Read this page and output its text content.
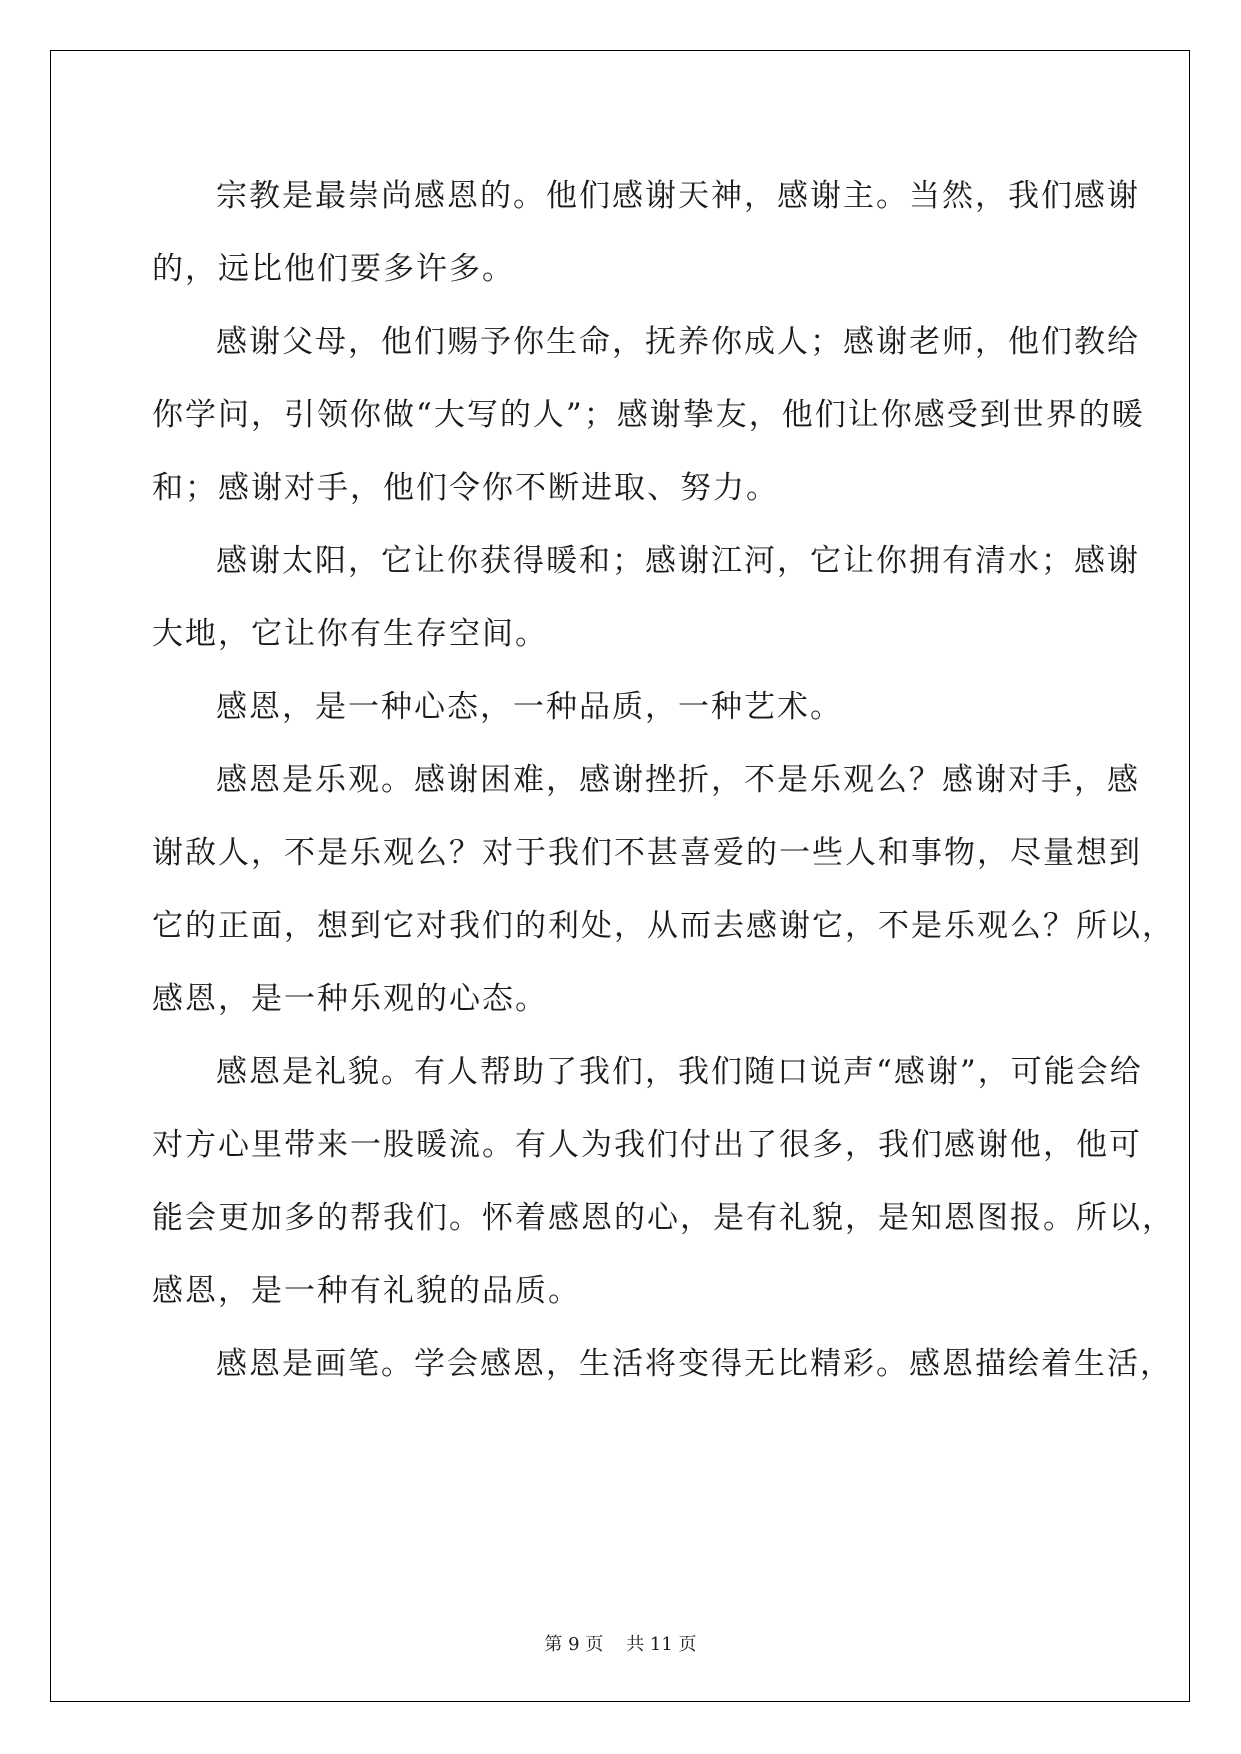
宗教是最崇尚感恩的。他们感谢天神，感谢主。当然，我们感谢
的，远比他们要多许多。
感谢父母，他们赐予你生命，抚养你成人；感谢老师，他们教给
你学问，引领你做“大写的人”；感谢挚友，他们让你感受到世界的暖
和；感谢对手，他们令你不断进取、努力。
感谢太阳，它让你获得暖和；感谢江河，它让你拥有清水；感谢
大地，它让你有生存空间。
感恩，是一种心态，一种品质，一种艺术。
感恩是乐观。感谢困难，感谢挫折，不是乐观么？感谢对手，感
谢敌人，不是乐观么？对于我们不甚喜爱的一些人和事物，尽量想到
它的正面，想到它对我们的利处，从而去感谢它，不是乐观么？所以，
感恩，是一种乐观的心态。
感恩是礼貌。有人帮助了我们，我们随口说声“感谢”，可能会给
对方心里带来一股暖流。有人为我们付出了很多，我们感谢他，他可
能会更加多的帮我们。怀着感恩的心，是有礼貌，是知恩图报。所以，
感恩，是一种有礼貌的品质。
感恩是画笔。学会感恩，生活将变得无比精彩。感恩描绘着生活，
第 9 页    共 11 页
